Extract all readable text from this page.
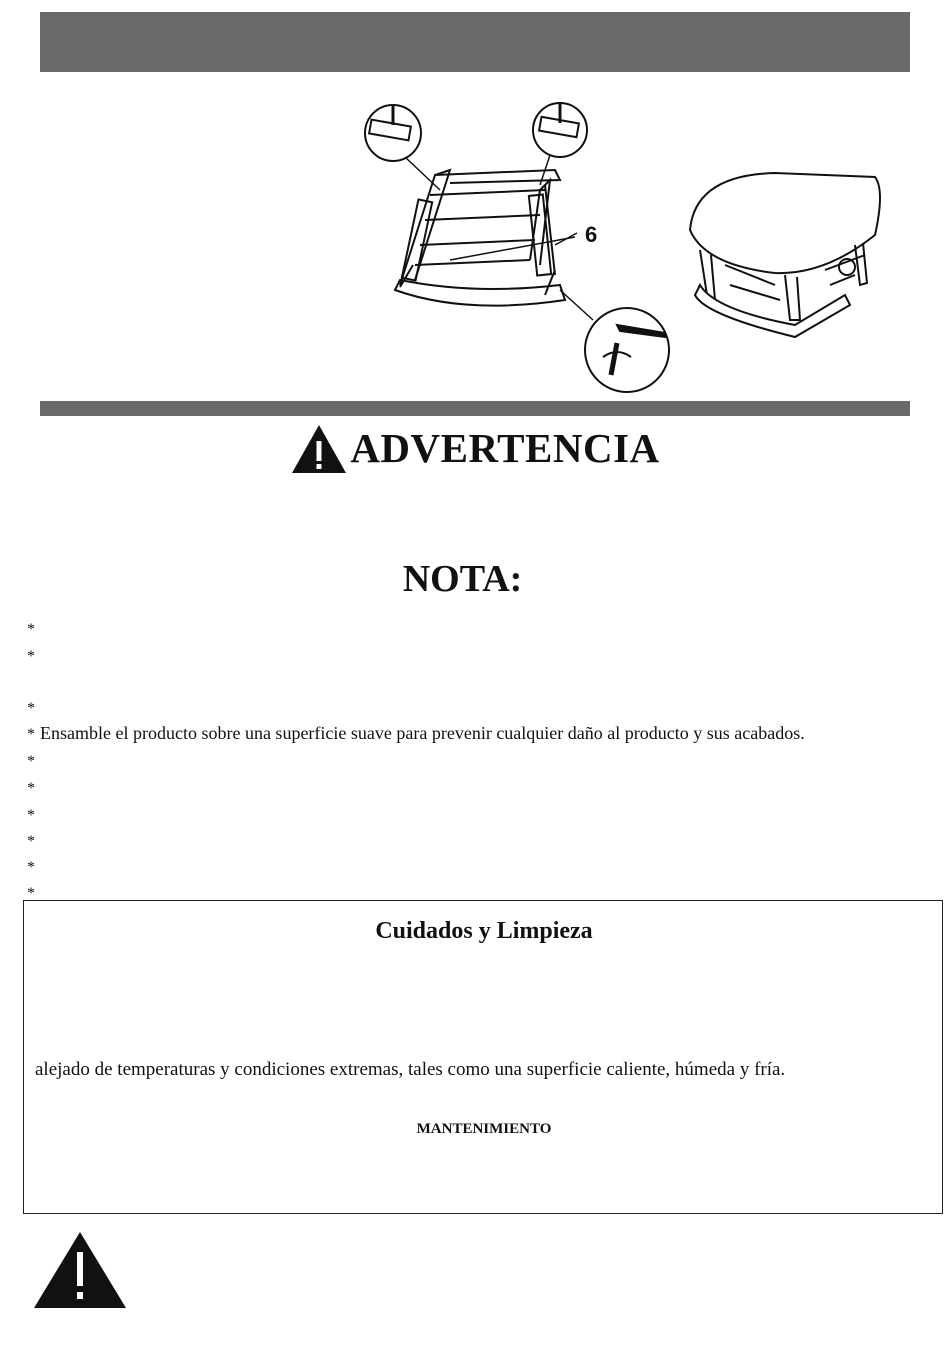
6
ADVERTENCIA
NOTA:
*
*
*
* Ensamble el producto sobre una superficie suave para prevenir cualquier daño al producto y sus acabados.
*
*
*
*
*
*
Cuidados y Limpieza
alejado de temperaturas y condiciones extremas, tales como una superficie caliente, húmeda y fría.
MANTENIMIENTO
